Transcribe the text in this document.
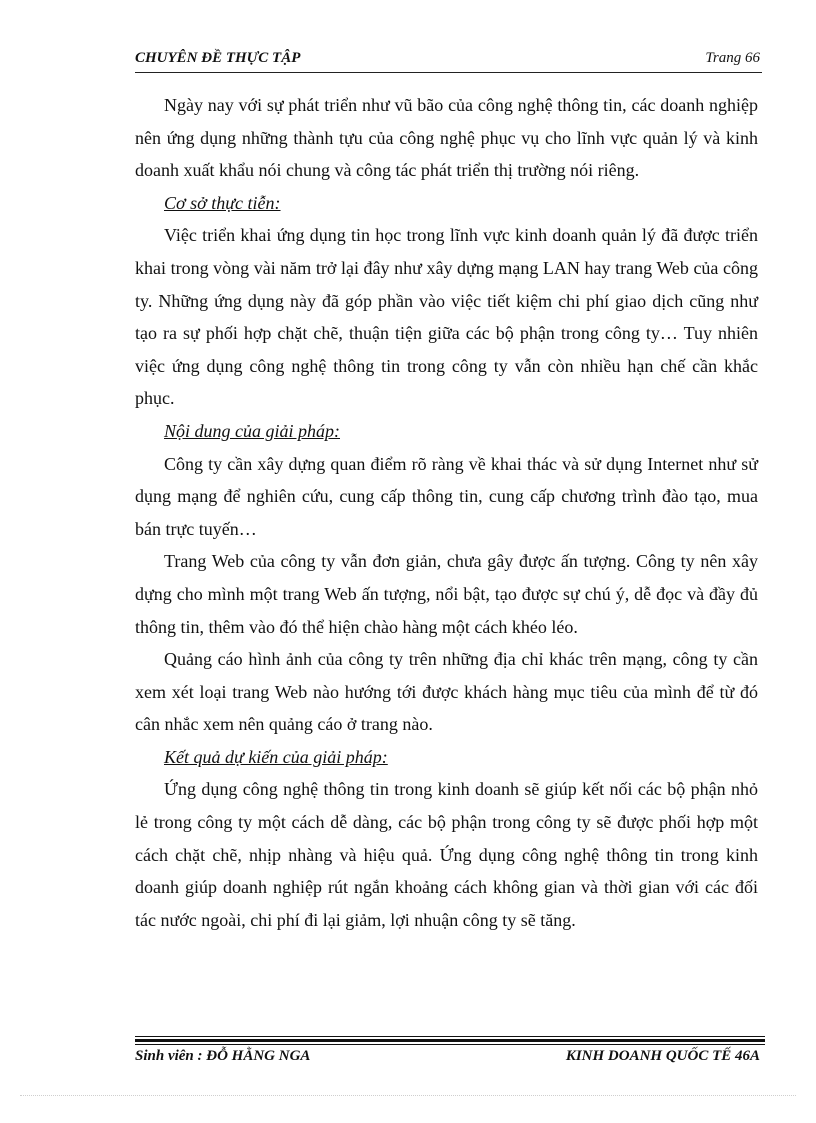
CHUYÊN ĐỀ THỰC TẬP	Trang 66

Ngày nay với sự phát triển như vũ bão của công nghệ thông tin, các doanh nghiệp nên ứng dụng những thành tựu của công nghệ phục vụ cho lĩnh vực quản lý và kinh doanh xuất khẩu nói chung và công tác phát triển thị trường nói riêng.

Cơ sở thực tiễn:

Việc triển khai ứng dụng tin học trong lĩnh vực kinh doanh quản lý đã được triển khai trong vòng vài năm trở lại đây như xây dựng mạng LAN hay trang Web của công ty. Những ứng dụng này đã góp phần vào việc tiết kiệm chi phí giao dịch cũng như tạo ra sự phối hợp chặt chẽ, thuận tiện giữa các bộ phận trong công ty… Tuy nhiên việc ứng dụng công nghệ thông tin trong công ty vẫn còn nhiều hạn chế cần khắc phục.

Nội dung của giải pháp:

Công ty cần xây dựng quan điểm rõ ràng về khai thác và sử dụng Internet như sử dụng mạng để nghiên cứu, cung cấp thông tin, cung cấp chương trình đào tạo, mua bán trực tuyến…

Trang Web của công ty vẫn đơn giản, chưa gây được ấn tượng. Công ty nên xây dựng cho mình một trang Web ấn tượng, nổi bật, tạo được sự chú ý, dễ đọc và đầy đủ thông tin, thêm vào đó thể hiện chào hàng một cách khéo léo.

Quảng cáo hình ảnh của công ty trên những địa chỉ khác trên mạng, công ty cần xem xét loại trang Web nào hướng tới được khách hàng mục tiêu của mình để từ đó cân nhắc xem nên quảng cáo ở trang nào.

Kết quả dự kiến của giải pháp:

Ứng dụng công nghệ thông tin trong kinh doanh sẽ giúp kết nối các bộ phận nhỏ lẻ trong công ty một cách dễ dàng, các bộ phận trong công ty sẽ được phối hợp một cách chặt chẽ, nhịp nhàng và hiệu quả. Ứng dụng công nghệ thông tin trong kinh doanh giúp doanh nghiệp rút ngắn khoảng cách không gian và thời gian với các đối tác nước ngoài, chi phí đi lại giảm, lợi nhuận công ty sẽ tăng.

Sinh viên : ĐỖ HẰNG NGA	KINH DOANH QUỐC TẾ 46A
